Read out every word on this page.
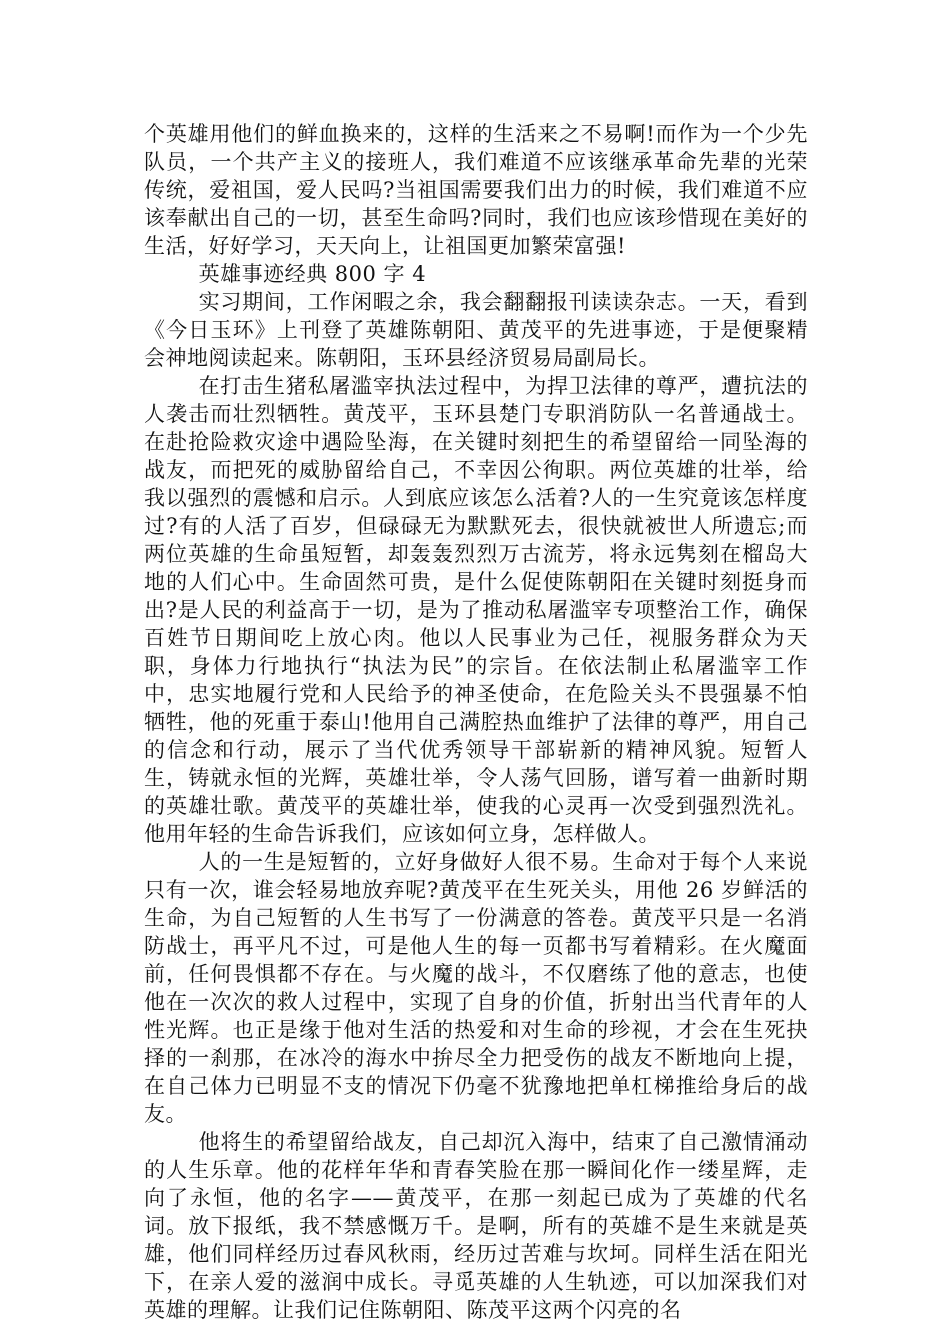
个英雄用他们的鲜血换来的，这样的生活来之不易啊!而作为一个少先队员，一个共产主义的接班人，我们难道不应该继承革命先辈的光荣传统，爱祖国，爱人民吗?当祖国需要我们出力的时候，我们难道不应该奉献出自己的一切，甚至生命吗?同时，我们也应该珍惜现在美好的生活，好好学习，天天向上，让祖国更加繁荣富强!

英雄事迹经典 800 字 4

实习期间，工作闲暇之余，我会翻翻报刊读读杂志。一天，看到《今日玉环》上刊登了英雄陈朝阳、黄茂平的先进事迹，于是便聚精会神地阅读起来。陈朝阳，玉环县经济贸易局副局长。

在打击生猪私屠滥宰执法过程中，为捍卫法律的尊严，遭抗法的人袭击而壮烈牺牲。黄茂平，玉环县楚门专职消防队一名普通战士。在赴抢险救灾途中遇险坠海，在关键时刻把生的希望留给一同坠海的战友，而把死的威胁留给自己，不幸因公徇职。两位英雄的壮举，给我以强烈的震憾和启示。人到底应该怎么活着?人的一生究竟该怎样度过?有的人活了百岁，但碌碌无为默默死去，很快就被世人所遗忘;而两位英雄的生命虽短暂，却轰轰烈烈万古流芳，将永远隽刻在榴岛大地的人们心中。生命固然可贵，是什么促使陈朝阳在关键时刻挺身而出?是人民的利益高于一切，是为了推动私屠滥宰专项整治工作，确保百姓节日期间吃上放心肉。他以人民事业为己任，视服务群众为天职，身体力行地执行“执法为民”的宗旨。在依法制止私屠滥宰工作中，忠实地履行党和人民给予的神圣使命，在危险关头不畏强暴不怕牺牲，他的死重于泰山!他用自己满腔热血维护了法律的尊严，用自己的信念和行动，展示了当代优秀领导干部崭新的精神风貌。短暂人生，铸就永恒的光辉，英雄壮举，令人荡气回肠，谱写着一曲新时期的英雄壮歌。黄茂平的英雄壮举，使我的心灵再一次受到强烈洗礼。他用年轻的生命告诉我们，应该如何立身，怎样做人。

人的一生是短暂的，立好身做好人很不易。生命对于每个人来说只有一次，谁会轻易地放弃呢?黄茂平在生死关头，用他 26 岁鲜活的生命，为自己短暂的人生书写了一份满意的答卷。黄茂平只是一名消防战士，再平凡不过，可是他人生的每一页都书写着精彩。在火魔面前，任何畏惧都不存在。与火魔的战斗，不仅磨练了他的意志，也使他在一次次的救人过程中，实现了自身的价值，折射出当代青年的人性光辉。也正是缘于他对生活的热爱和对生命的珍视，才会在生死抉择的一刹那，在冰冷的海水中拚尽全力把受伤的战友不断地向上提，在自己体力已明显不支的情况下仍毫不犹豫地把单杠梯推给身后的战友。

他将生的希望留给战友，自己却沉入海中，结束了自己激情涌动的人生乐章。他的花样年华和青春笑脸在那一瞬间化作一缕星辉，走向了永恒，他的名字——黄茂平，在那一刻起已成为了英雄的代名词。放下报纸，我不禁感慨万千。是啊，所有的英雄不是生来就是英雄，他们同样经历过春风秋雨，经历过苦难与坎坷。同样生活在阳光下，在亲人爱的滋润中成长。寻觅英雄的人生轨迹，可以加深我们对英雄的理解。让我们记住陈朝阳、陈茂平这两个闪亮的名
